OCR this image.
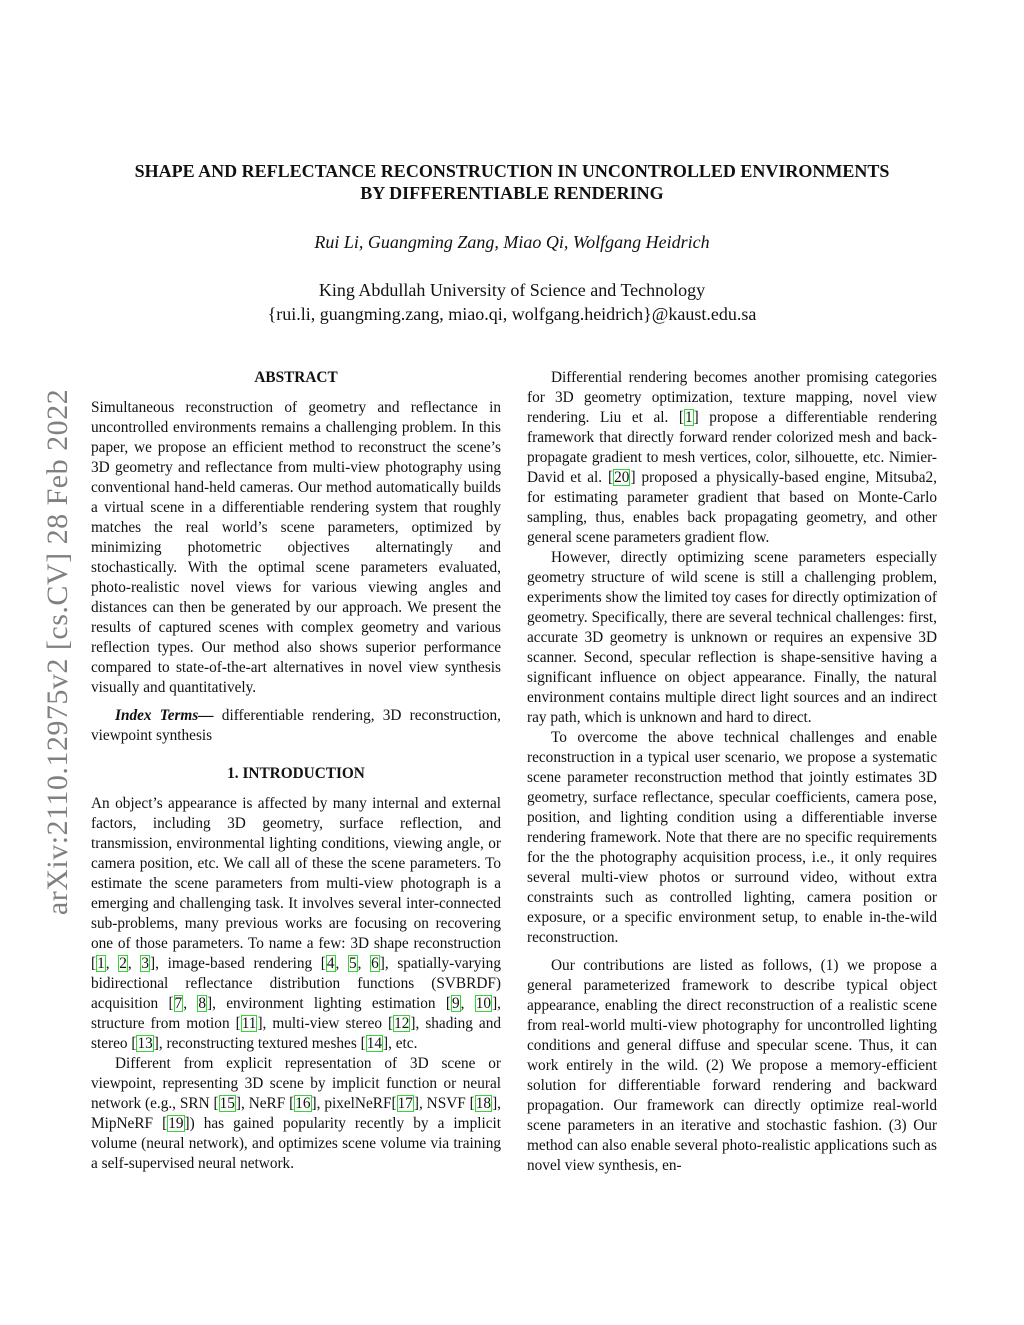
arXiv:2110.12975v2 [cs.CV] 28 Feb 2022
SHAPE AND REFLECTANCE RECONSTRUCTION IN UNCONTROLLED ENVIRONMENTS
BY DIFFERENTIABLE RENDERING
Rui Li, Guangming Zang, Miao Qi, Wolfgang Heidrich
King Abdullah University of Science and Technology
{rui.li, guangming.zang, miao.qi, wolfgang.heidrich}@kaust.edu.sa
ABSTRACT

Simultaneous reconstruction of geometry and reflectance in uncontrolled environments remains a challenging problem. In this paper, we propose an efficient method to reconstruct the scene’s 3D geometry and reflectance from multi-view photography using conventional hand-held cameras. Our method automatically builds a virtual scene in a differentiable rendering system that roughly matches the real world’s scene parameters, optimized by minimizing photometric objectives alternatingly and stochastically. With the optimal scene parameters evaluated, photo-realistic novel views for various viewing angles and distances can then be generated by our approach. We present the results of captured scenes with complex geometry and various reflection types. Our method also shows superior performance compared to state-of-the-art alternatives in novel view synthesis visually and quantitatively.

Index Terms— differentiable rendering, 3D reconstruction, viewpoint synthesis

1. INTRODUCTION

An object’s appearance is affected by many internal and external factors, including 3D geometry, surface reflection, and transmission, environmental lighting conditions, viewing angle, or camera position, etc. We call all of these the scene parameters. To estimate the scene parameters from multi-view photograph is a emerging and challenging task. It involves several inter-connected sub-problems, many previous works are focusing on recovering one of those parameters. To name a few: 3D shape reconstruction [1, 2, 3], image-based rendering [4, 5, 6], spatially-varying bidirectional reflectance distribution functions (SVBRDF) acquisition [7, 8], environment lighting estimation [9, 10], structure from motion [11], multi-view stereo [12], shading and stereo [13], reconstructing textured meshes [14], etc.

Different from explicit representation of 3D scene or viewpoint, representing 3D scene by implicit function or neural network (e.g., SRN [15], NeRF [16], pixelNeRF[17], NSVF [18], MipNeRF [19]) has gained popularity recently by a implicit volume (neural network), and optimizes scene volume via training a self-supervised neural network.

Differential rendering becomes another promising categories for 3D geometry optimization, texture mapping, novel view rendering. Liu et al. [1] propose a differentiable rendering framework that directly forward render colorized mesh and back-propagate gradient to mesh vertices, color, silhouette, etc. Nimier-David et al. [20] proposed a physically-based engine, Mitsuba2, for estimating parameter gradient that based on Monte-Carlo sampling, thus, enables back propagating geometry, and other general scene parameters gradient flow.

However, directly optimizing scene parameters especially geometry structure of wild scene is still a challenging problem, experiments show the limited toy cases for directly optimization of geometry. Specifically, there are several technical challenges: first, accurate 3D geometry is unknown or requires an expensive 3D scanner. Second, specular reflection is shape-sensitive having a significant influence on object appearance. Finally, the natural environment contains multiple direct light sources and an indirect ray path, which is unknown and hard to direct.

To overcome the above technical challenges and enable reconstruction in a typical user scenario, we propose a systematic scene parameter reconstruction method that jointly estimates 3D geometry, surface reflectance, specular coefficients, camera pose, position, and lighting condition using a differentiable inverse rendering framework. Note that there are no specific requirements for the the photography acquisition process, i.e., it only requires several multi-view photos or surround video, without extra constraints such as controlled lighting, camera position or exposure, or a specific environment setup, to enable in-the-wild reconstruction.

Our contributions are listed as follows, (1) we propose a general parameterized framework to describe typical object appearance, enabling the direct reconstruction of a realistic scene from real-world multi-view photography for uncontrolled lighting conditions and general diffuse and specular scene. Thus, it can work entirely in the wild. (2) We propose a memory-efficient solution for differentiable forward rendering and backward propagation. Our framework can directly optimize real-world scene parameters in an iterative and stochastic fashion. (3) Our method can also enable several photo-realistic applications such as novel view synthesis, en-
